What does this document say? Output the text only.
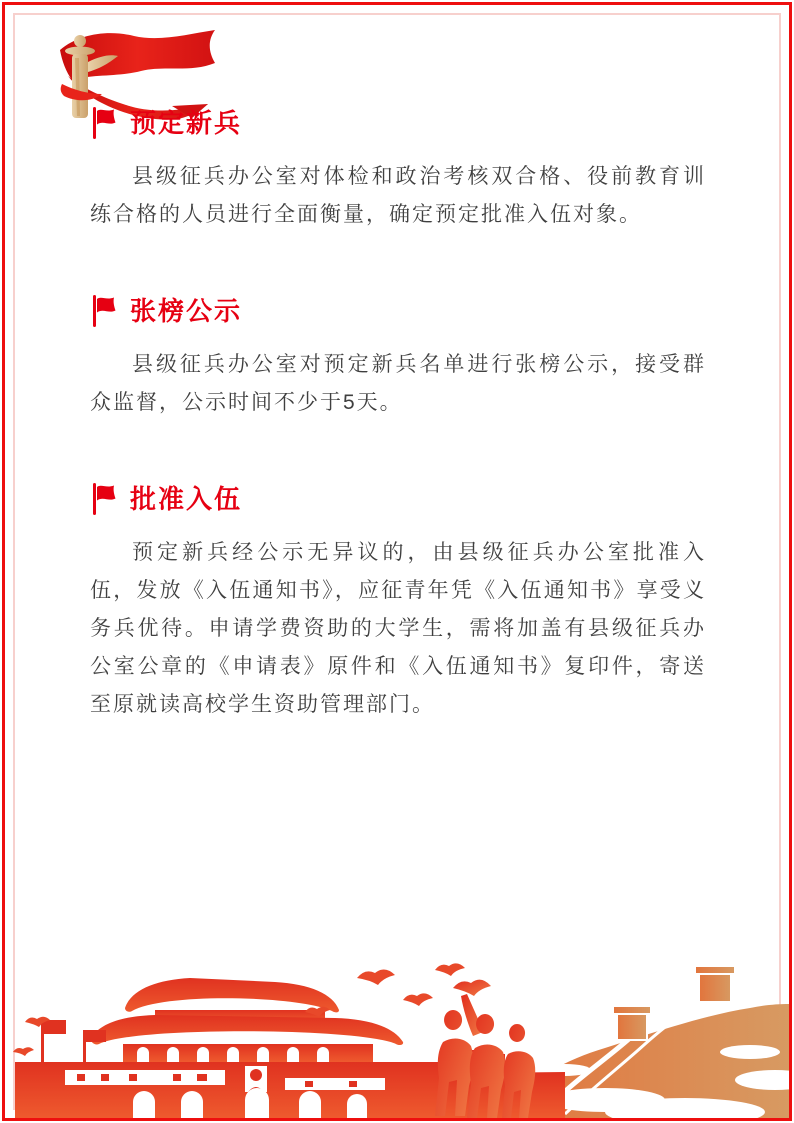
预定新兵

县级征兵办公室对体检和政治考核双合格、役前教育训练合格的人员进行全面衡量，确定预定批准入伍对象。

张榜公示

县级征兵办公室对预定新兵名单进行张榜公示，接受群众监督，公示时间不少于5天。

批准入伍

预定新兵经公示无异议的，由县级征兵办公室批准入伍，发放《入伍通知书》，应征青年凭《入伍通知书》享受义务兵优待。申请学费资助的大学生，需将加盖有县级征兵办公室公章的《申请表》原件和《入伍通知书》复印件，寄送至原就读高校学生资助管理部门。
